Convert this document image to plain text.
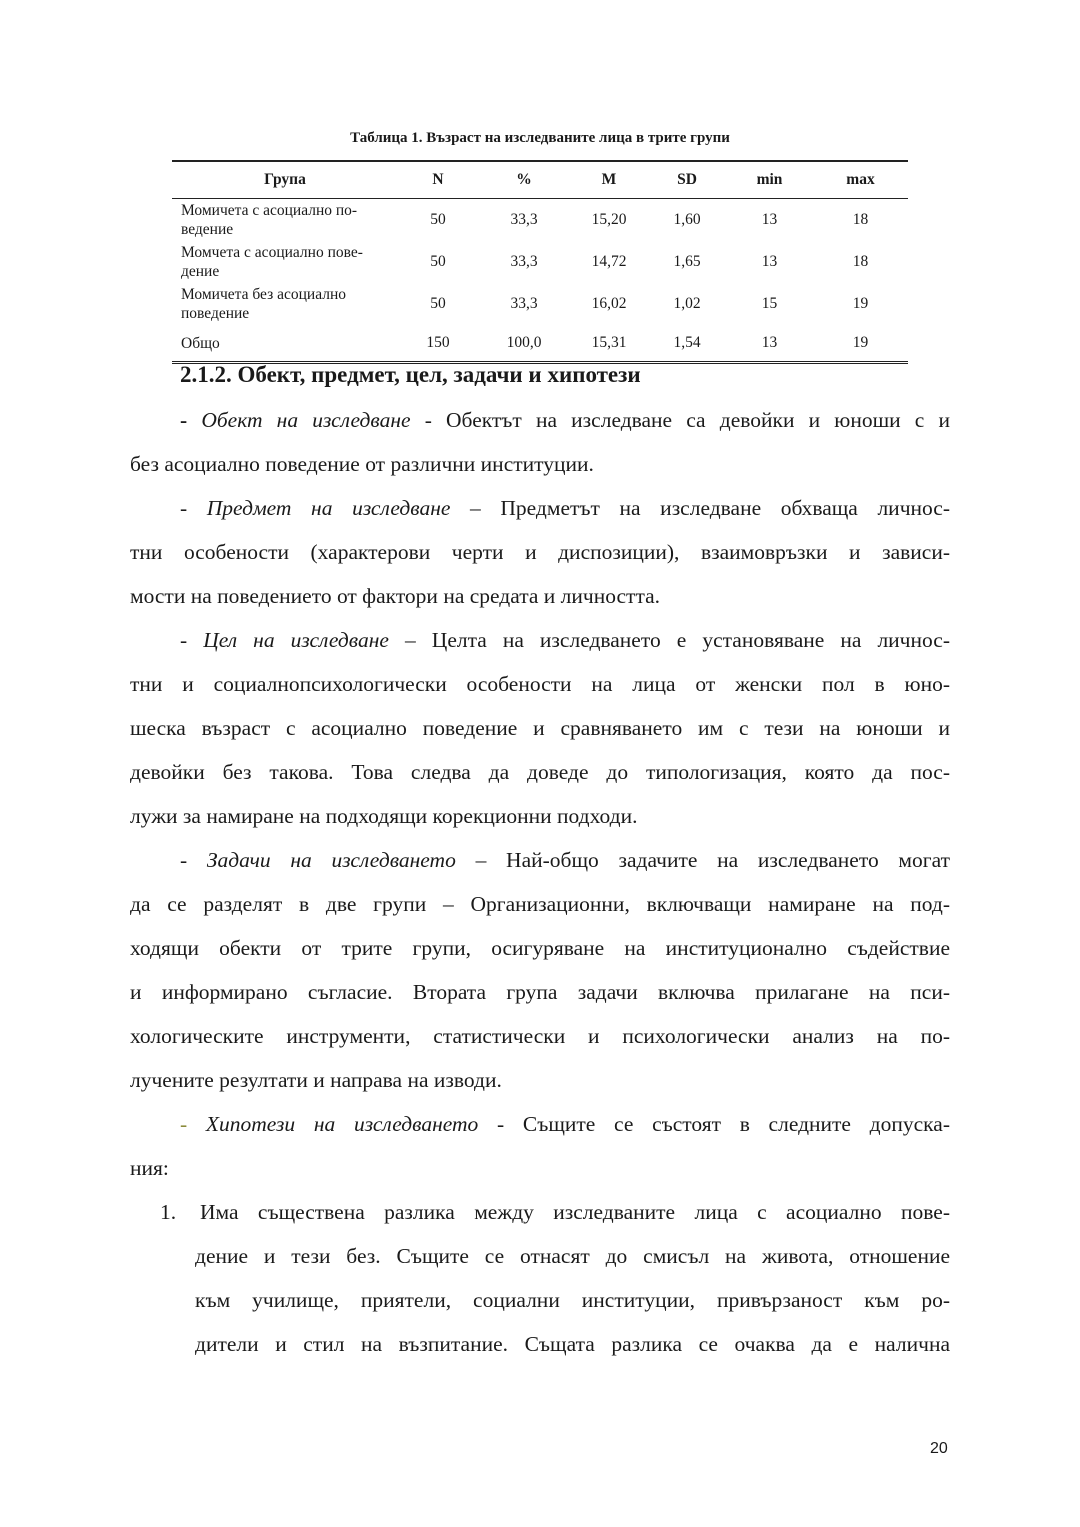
Таблица 1. Възраст на изследваните лица в трите групи
Група	N	%	M	SD	min	max
Момичета с асоциално по-
ведение	50	33,3	15,20	1,60	13	18
Момчета с асоциално пове-
дение	50	33,3	14,72	1,65	13	18
Момичета без асоциално
поведение	50	33,3	16,02	1,02	15	19
Общо	150	100,0	15,31	1,54	13	19
2.1.2. Обект, предмет, цел, задачи и хипотези
- Обект на изследване - Обектът на изследване са девойки и юноши с и
без асоциално поведение от различни институции.
- Предмет на изследване – Предметът на изследване обхваща личнос-
тни особености (характерови черти и диспозиции), взаимовръзки и зависи-
мости на поведението от фактори на средата и личността.
- Цел на изследване – Целта на изследването е установяване на личнос-
тни и социалнопсихологически особености на лица от женски пол в юно-
шеска възраст с асоциално поведение и сравняването им с тези на юноши и
девойки без такова. Това следва да доведе до типологизация, която да пос-
лужи за намиране на подходящи корекционни подходи.
- Задачи на изследването – Най-общо задачите на изследването могат
да се разделят в две групи – Организационни, включващи намиране на под-
ходящи обекти от трите групи, осигуряване на институционално съдействие
и информирано съгласие. Втората група задачи включва прилагане на пси-
хологическите инструменти, статистически и психологически анализ на по-
лучените резултати и направа на изводи.
- Хипотези на изследването - Същите се състоят в следните допуска-
ния:
1. Има съществена разлика между изследваните лица с асоциално пове-
дение и тези без. Същите се отнасят до смисъл на живота, отношение
към училище, приятели, социални институции, привързаност към ро-
дители и стил на възпитание. Същата разлика се очаква да е налична
20
